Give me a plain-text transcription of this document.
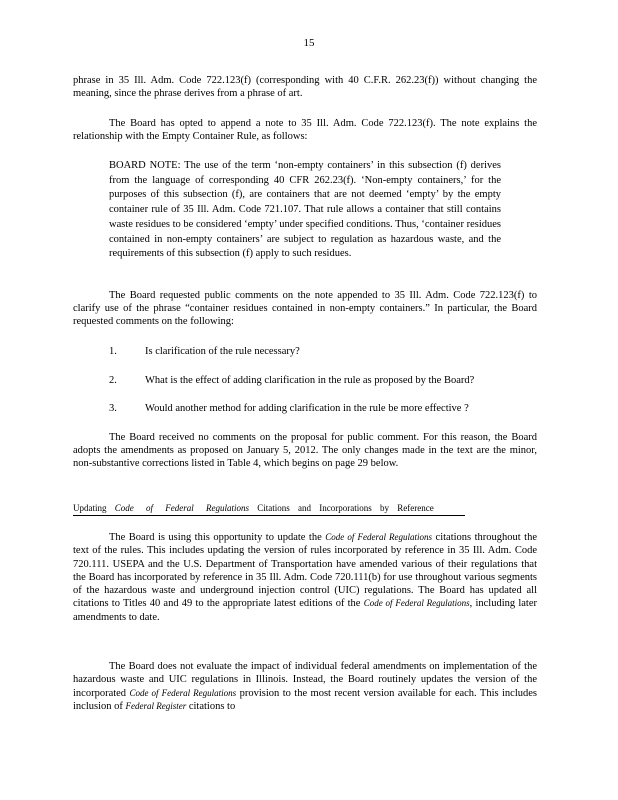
15
phrase in 35 Ill. Adm. Code 722.123(f) (corresponding with 40 C.F.R. 262.23(f)) without changing the meaning, since the phrase derives from a phrase of art.
The Board has opted to append a note to 35 Ill. Adm. Code 722.123(f). The note explains the relationship with the Empty Container Rule, as follows:
BOARD NOTE: The use of the term ‘non-empty containers’ in this subsection (f) derives from the language of corresponding 40 CFR 262.23(f). ‘Non-empty containers,’ for the purposes of this subsection (f), are containers that are not deemed ‘empty’ by the empty container rule of 35 Ill. Adm. Code 721.107. That rule allows a container that still contains waste residues to be considered ‘empty’ under specified conditions. Thus, ‘container residues contained in non-empty containers’ are subject to regulation as hazardous waste, and the requirements of this subsection (f) apply to such residues.
The Board requested public comments on the note appended to 35 Ill. Adm. Code 722.123(f) to clarify use of the phrase “container residues contained in non-empty containers.” In particular, the Board requested comments on the following:
1.	Is clarification of the rule necessary?
2.	What is the effect of adding clarification in the rule as proposed by the Board?
3.	Would another method for adding clarification in the rule be more effective ?
The Board received no comments on the proposal for public comment. For this reason, the Board adopts the amendments as proposed on January 5, 2012. The only changes made in the text are the minor, non-substantive corrections listed in Table 4, which begins on page 29 below.
Updating Code of Federal Regulations Citations and Incorporations by Reference
The Board is using this opportunity to update the Code of Federal Regulations citations throughout the text of the rules. This includes updating the version of rules incorporated by reference in 35 Ill. Adm. Code 720.111. USEPA and the U.S. Department of Transportation have amended various of their regulations that the Board has incorporated by reference in 35 Ill. Adm. Code 720.111(b) for use throughout various segments of the hazardous waste and underground injection control (UIC) regulations. The Board has updated all citations to Titles 40 and 49 to the appropriate latest editions of the Code of Federal Regulations, including later amendments to date.
The Board does not evaluate the impact of individual federal amendments on implementation of the hazardous waste and UIC regulations in Illinois. Instead, the Board routinely updates the version of the incorporated Code of Federal Regulations provision to the most recent version available for each. This includes inclusion of Federal Register citations to
